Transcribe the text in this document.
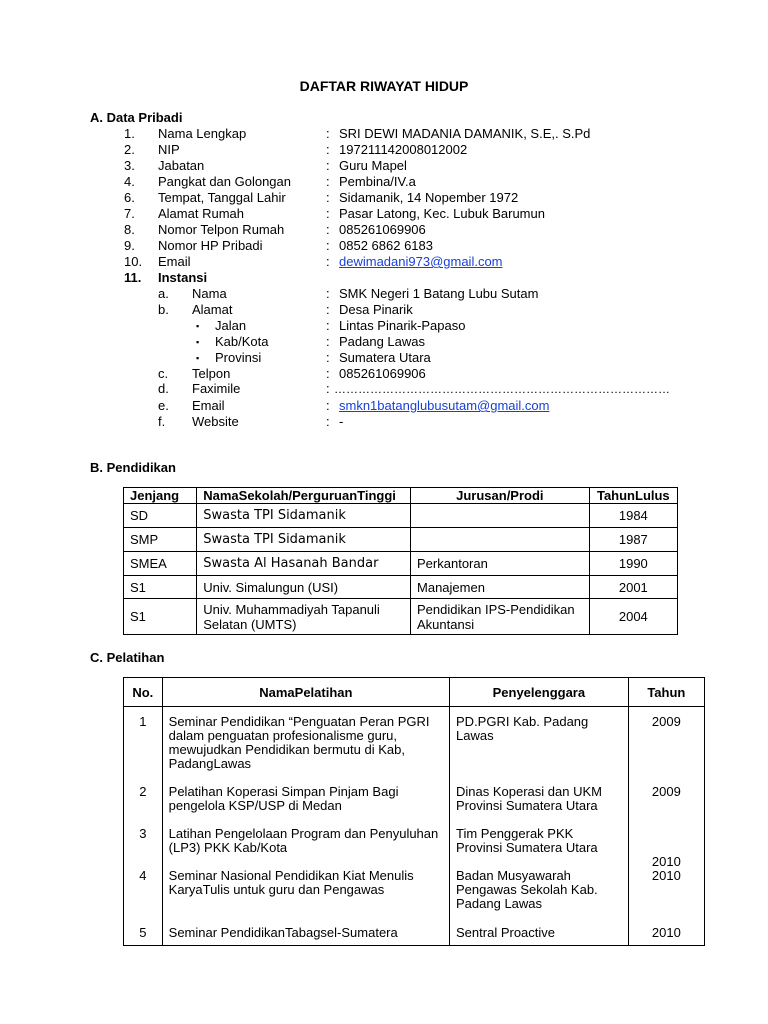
DAFTAR RIWAYAT HIDUP
A. Data Pribadi
1. Nama Lengkap	: SRI DEWI MADANIA DAMANIK, S.E,. S.Pd
2. NIP	: 197211142008012002
3. Jabatan	: Guru Mapel
4. Pangkat dan Golongan	: Pembina/IV.a
6. Tempat, Tanggal Lahir	: Sidamanik, 14 Nopember 1972
7. Alamat Rumah	: Pasar Latong, Kec. Lubuk Barumun
8. Nomor Telpon Rumah	: 085261069906
9. Nomor HP Pribadi	: 0852 6862 6183
10. Email	: dewimadani973@gmail.com
11. Instansi
a. Nama	: SMK Negeri 1 Batang Lubu Sutam
b. Alamat	: Desa Pinarik
▪ Jalan	: Lintas Pinarik-Papaso
▪ Kab/Kota	: Padang Lawas
▪ Provinsi	: Sumatera Utara
c. Telpon	: 085261069906
d. Faximile	: …………………………………………………………………………
e. Email	: smkn1batanglubusutam@gmail.com
f. Website	: -
B. Pendidikan
Jenjang	NamaSekolah/PerguruanTinggi	Jurusan/Prodi	TahunLulus
SD	Swasta TPI Sidamanik		1984
SMP	Swasta TPI Sidamanik		1987
SMEA	Swasta Al Hasanah Bandar	Perkantoran	1990
S1	Univ. Simalungun (USI)	Manajemen	2001
S1	Univ. Muhammadiyah Tapanuli Selatan (UMTS)	Pendidikan IPS-Pendidikan Akuntansi	2004
C. Pelatihan
No.	NamaPelatihan	Penyelenggara	Tahun

1	Seminar Pendidikan “Penguatan Peran PGRI dalam penguatan profesionalisme guru, mewujudkan Pendidikan bermutu di Kab, PadangLawas	PD.PGRI Kab. Padang Lawas	2009
2	Pelatihan Koperasi Simpan Pinjam Bagi pengelola KSP/USP di Medan	Dinas Koperasi dan UKM Provinsi Sumatera Utara	2009
3	Latihan Pengelolaan Program dan Penyuluhan (LP3) PKK Kab/Kota	Tim Penggerak PKK Provinsi Sumatera Utara	2010
4	Seminar Nasional Pendidikan Kiat Menulis KaryaTulis untuk guru dan Pengawas	Badan Musyawarah Pengawas Sekolah Kab. Padang Lawas	2010
5	Seminar PendidikanTabagsel-Sumatera	Sentral Proactive	2010
